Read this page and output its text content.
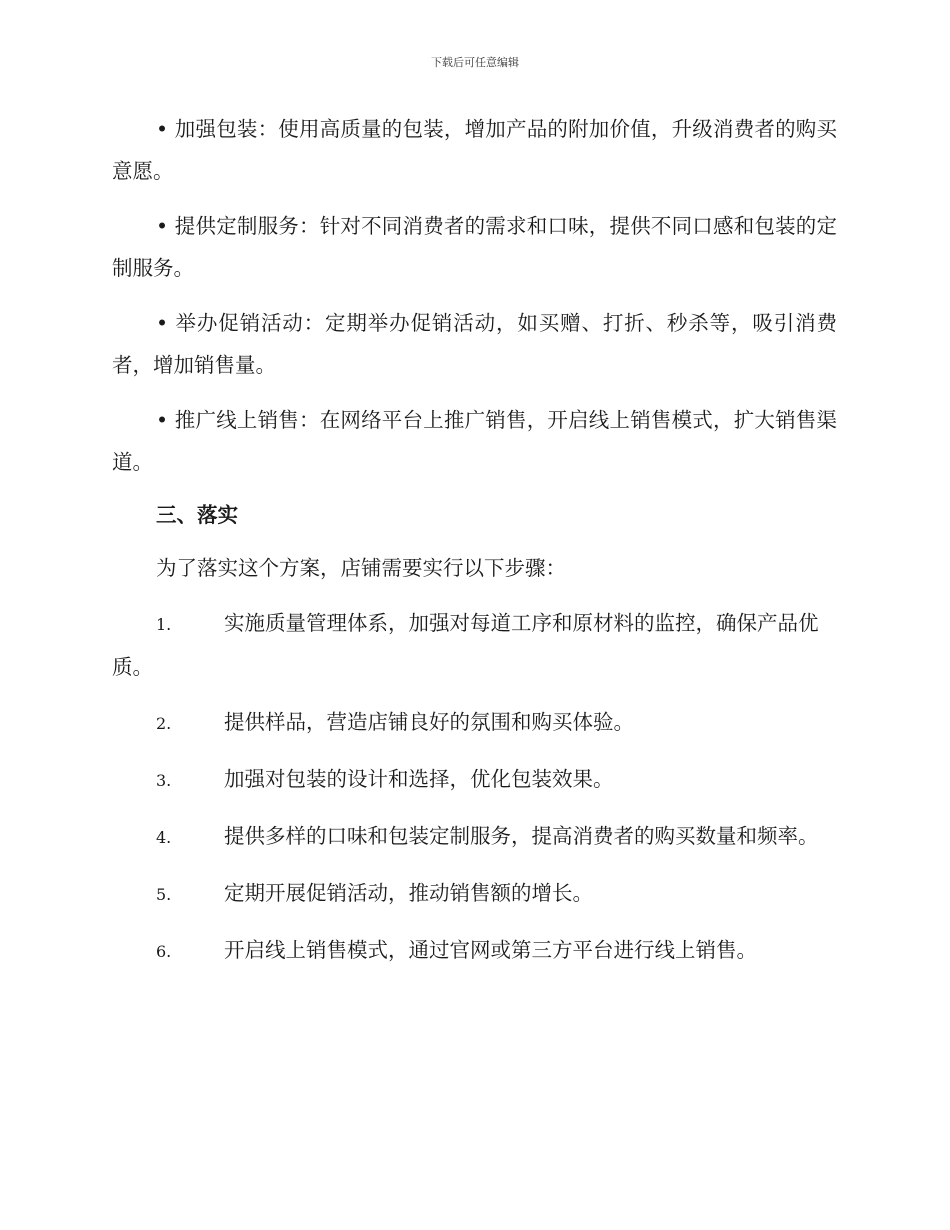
下载后可任意编辑

• 加强包装：使用高质量的包装，增加产品的附加价值，升级消费者的购买意愿。

• 提供定制服务：针对不同消费者的需求和口味，提供不同口感和包装的定制服务。

• 举办促销活动：定期举办促销活动，如买赠、打折、秒杀等，吸引消费者，增加销售量。

• 推广线上销售：在网络平台上推广销售，开启线上销售模式，扩大销售渠道。

三、落实

为了落实这个方案，店铺需要实行以下步骤：

1.	实施质量管理体系，加强对每道工序和原材料的监控，确保产品优质。

2.	提供样品，营造店铺良好的氛围和购买体验。

3.	加强对包装的设计和选择，优化包装效果。

4.	提供多样的口味和包装定制服务，提高消费者的购买数量和频率。

5.	定期开展促销活动，推动销售额的增长。

6.	开启线上销售模式，通过官网或第三方平台进行线上销售。
